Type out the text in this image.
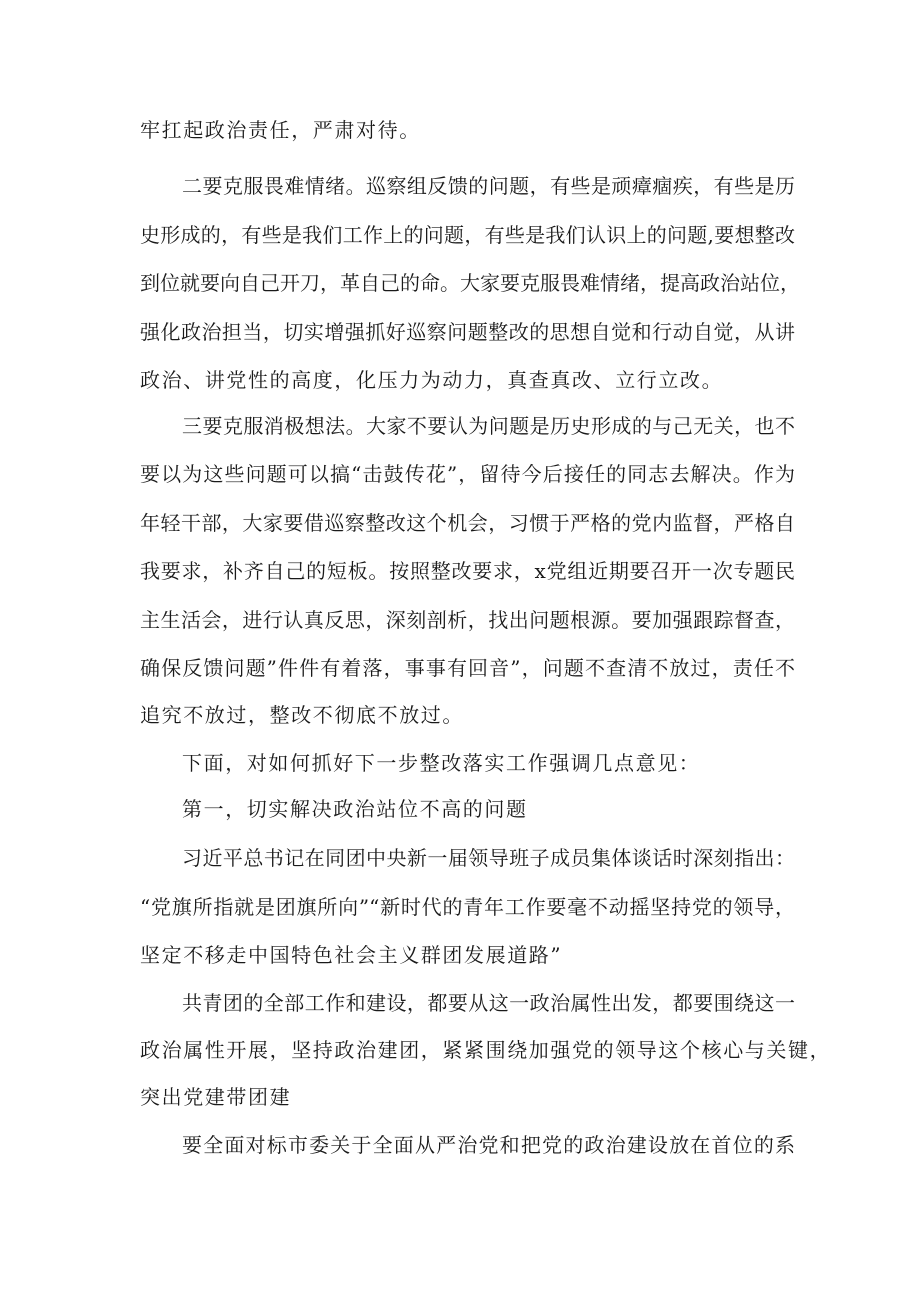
牢扛起政治责任，严肃对待。
二要克服畏难情绪。巡察组反馈的问题，有些是顽瘴痼疾，有些是历
史形成的，有些是我们工作上的问题，有些是我们认识上的问题,要想整改
到位就要向自己开刀，革自己的命。大家要克服畏难情绪，提高政治站位，
强化政治担当，切实增强抓好巡察问题整改的思想自觉和行动自觉，从讲
政治、讲党性的高度，化压力为动力，真查真改、立行立改。
三要克服消极想法。大家不要认为问题是历史形成的与己无关，也不
要以为这些问题可以搞“击鼓传花”，留待今后接任的同志去解决。作为
年轻干部，大家要借巡察整改这个机会，习惯于严格的党内监督，严格自
我要求，补齐自己的短板。按照整改要求，x党组近期要召开一次专题民
主生活会，进行认真反思，深刻剖析，找出问题根源。要加强跟踪督查，
确保反馈问题”件件有着落，事事有回音”，问题不查清不放过，责任不
追究不放过，整改不彻底不放过。
下面，对如何抓好下一步整改落实工作强调几点意见：
第一，切实解决政治站位不高的问题
习近平总书记在同团中央新一届领导班子成员集体谈话时深刻指出：
“党旗所指就是团旗所向”“新时代的青年工作要毫不动摇坚持党的领导，
坚定不移走中国特色社会主义群团发展道路”
共青团的全部工作和建设，都要从这一政治属性出发，都要围绕这一
政治属性开展，坚持政治建团，紧紧围绕加强党的领导这个核心与关键，
突出党建带团建
要全面对标市委关于全面从严治党和把党的政治建设放在首位的系
